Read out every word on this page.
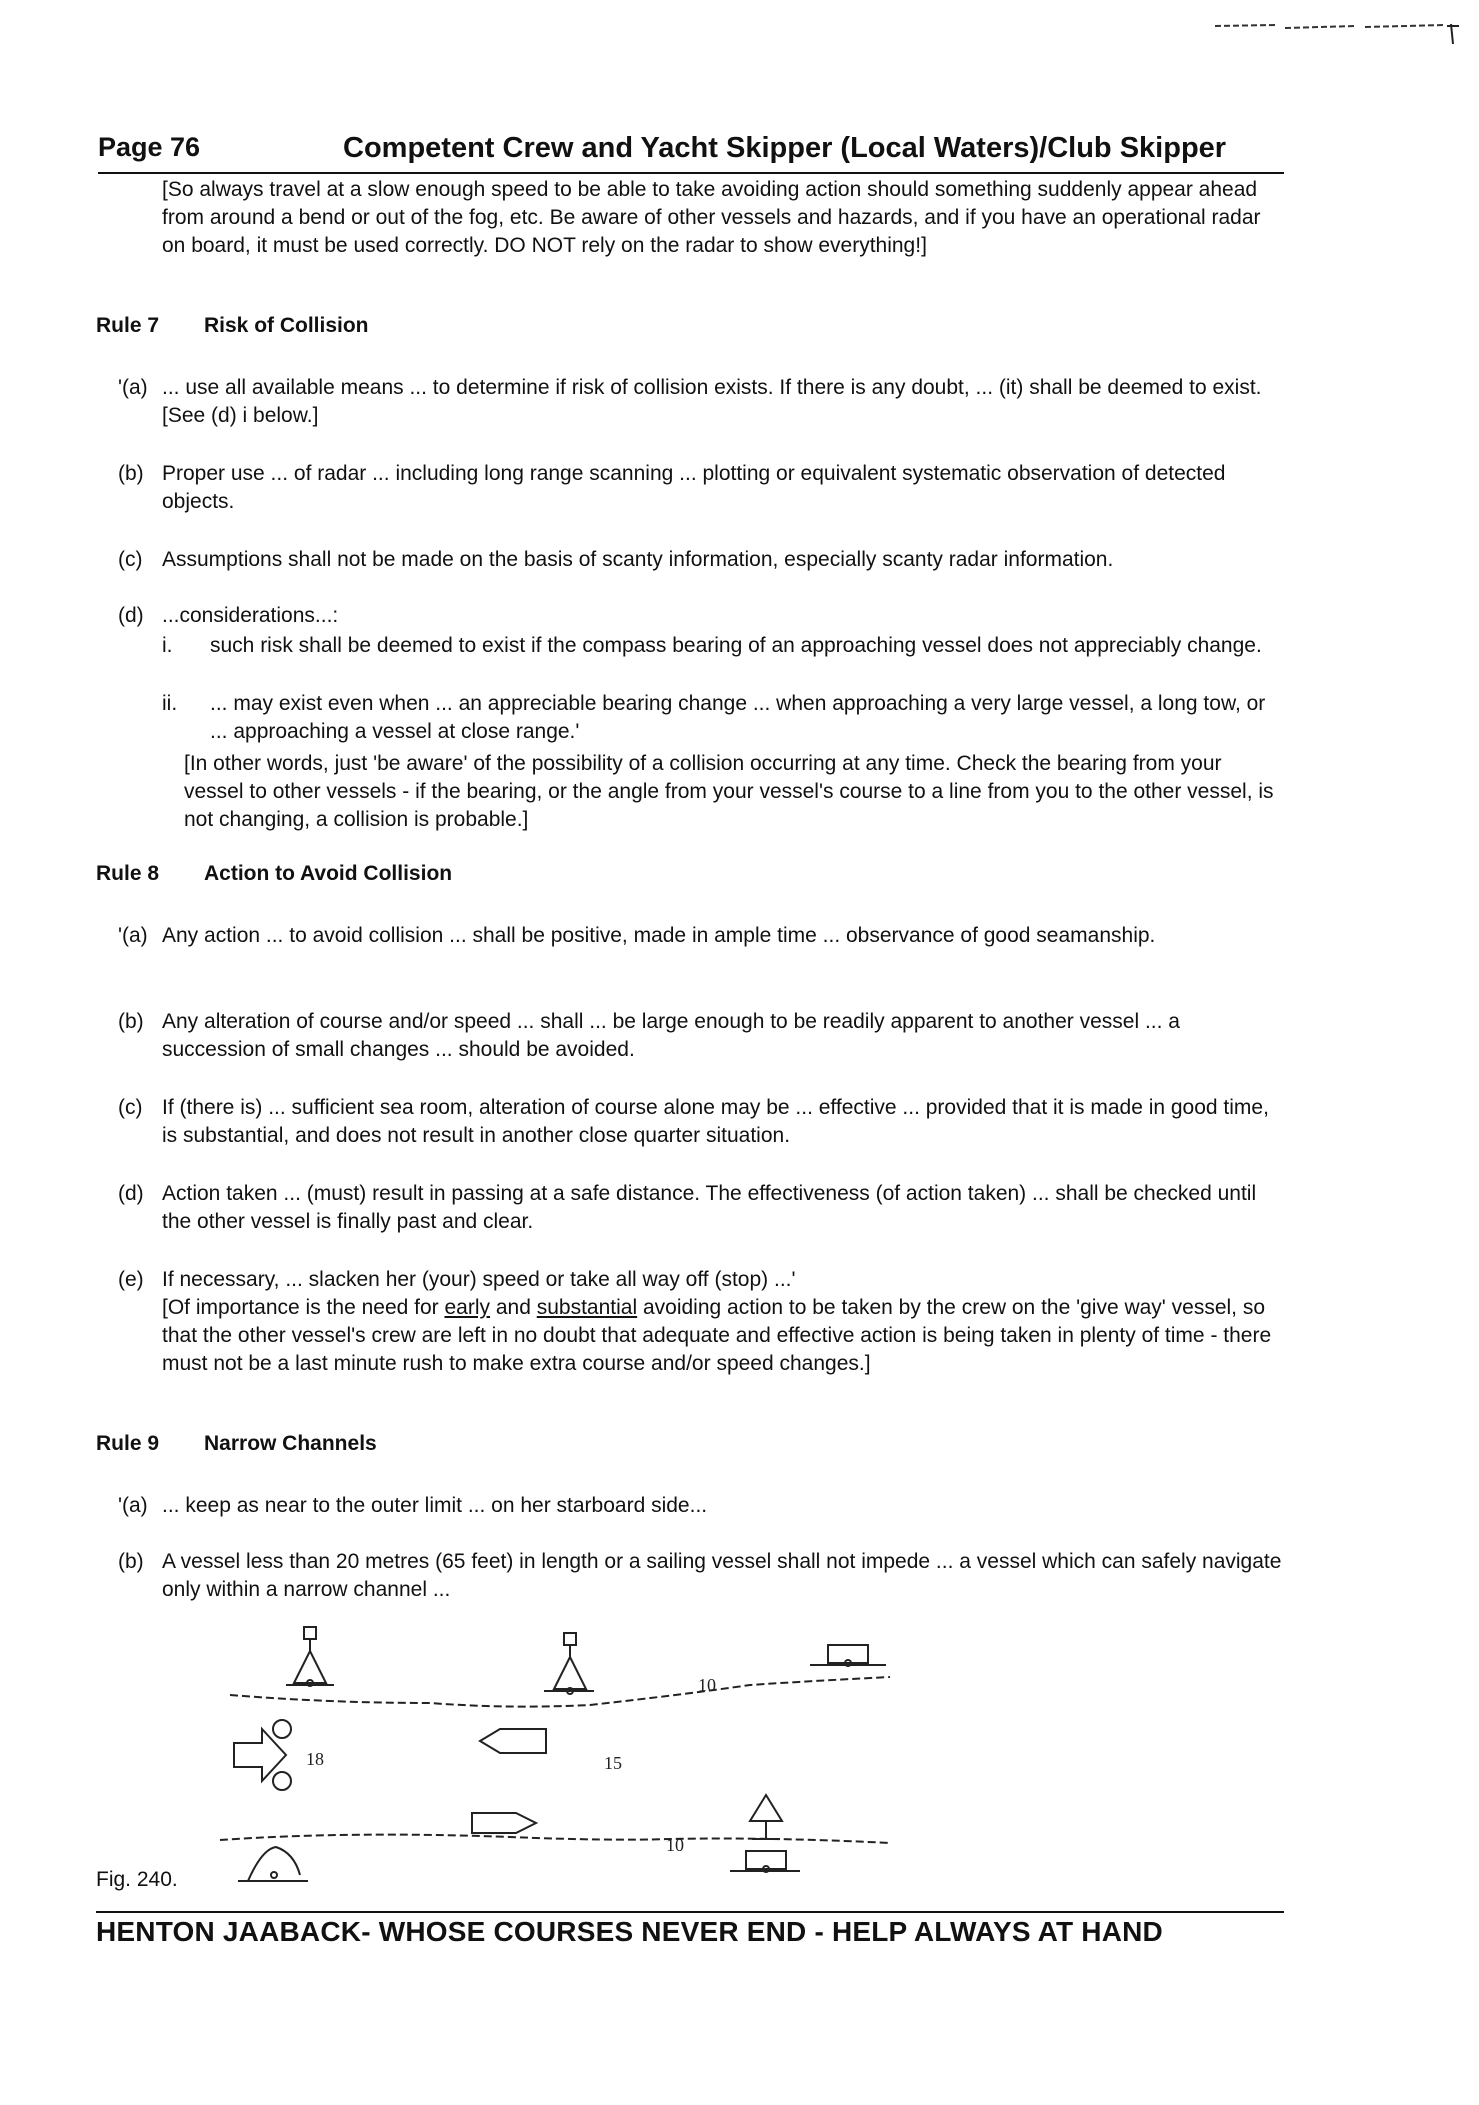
Page 76	Competent Crew and Yacht Skipper (Local Waters)/Club Skipper
[So always travel at a slow enough speed to be able to take avoiding action should something suddenly appear ahead from around a bend or out of the fog, etc. Be aware of other vessels and hazards, and if you have an operational radar on board, it must be used correctly. DO NOT rely on the radar to show everything!]
Rule 7 Risk of Collision
'(a) ... use all available means ... to determine if risk of collision exists. If there is any doubt, ... (it) shall be deemed to exist. [See (d) i below.]
(b) Proper use ... of radar ... including long range scanning ... plotting or equivalent systematic observation of detected objects.
(c) Assumptions shall not be made on the basis of scanty information, especially scanty radar information.
(d) ...considerations...:
i. such risk shall be deemed to exist if the compass bearing of an approaching vessel does not appreciably change.
ii. ... may exist even when ... an appreciable bearing change ... when approaching a very large vessel, a long tow, or ... approaching a vessel at close range.'
[In other words, just 'be aware' of the possibility of a collision occurring at any time. Check the bearing from your vessel to other vessels - if the bearing, or the angle from your vessel's course to a line from you to the other vessel, is not changing, a collision is probable.]
Rule 8 Action to Avoid Collision
'(a) Any action ... to avoid collision ... shall be positive, made in ample time ... observance of good seamanship.
(b) Any alteration of course and/or speed ... shall ... be large enough to be readily apparent to another vessel ... a succession of small changes ... should be avoided.
(c) If (there is) ... sufficient sea room, alteration of course alone may be ... effective ... provided that it is made in good time, is substantial, and does not result in another close quarter situation.
(d) Action taken ... (must) result in passing at a safe distance. The effectiveness (of action taken) ... shall be checked until the other vessel is finally past and clear.
(e) If necessary, ... slacken her (your) speed or take all way off (stop) ...'
[Of importance is the need for early and substantial avoiding action to be taken by the crew on the 'give way' vessel, so that the other vessel's crew are left in no doubt that adequate and effective action is being taken in plenty of time - there must not be a last minute rush to make extra course and/or speed changes.]
Rule 9 Narrow Channels
'(a) ... keep as near to the outer limit ... on her starboard side...
(b) A vessel less than 20 metres (65 feet) in length or a sailing vessel shall not impede ... a vessel which can safely navigate only within a narrow channel ...
10
18	15
10
Fig. 240.
HENTON JAABACK- WHOSE COURSES NEVER END - HELP ALWAYS AT HAND
